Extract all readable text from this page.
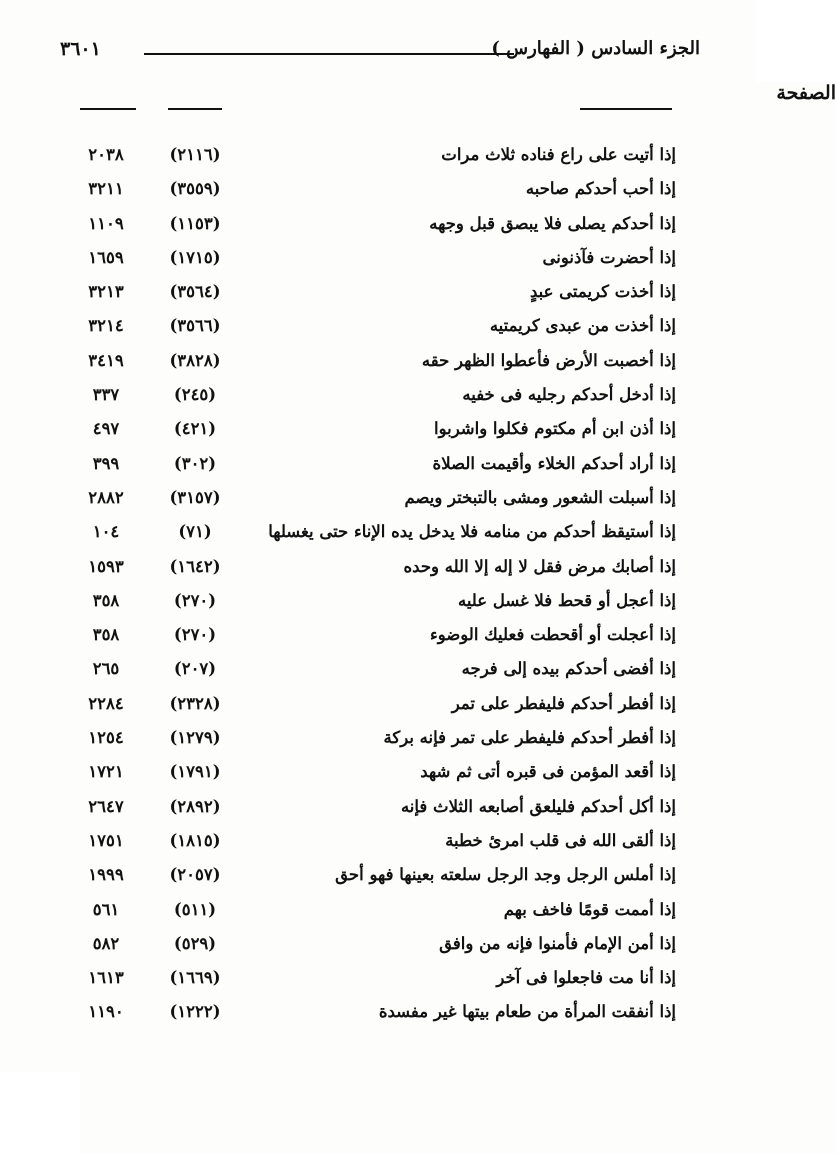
٣٦٠١	الجزء السادس ( الفهارس )
الصفحة
إذا أتيت على راع فناده ثلاث مرات
(٢١١٦)
٢٠٣٨
إذا أحب أحدكم صاحبه
(٣٥٥٩)
٣٢١١
إذا أحدكم يصلى فلا يبصق قبل وجهه
(١١٥٣)
١١٠٩
إذا أحضرت فآذنونى
(١٧١٥)
١٦٥٩
إذا أخذت كريمتى عبدٍ
(٣٥٦٤)
٣٢١٣
إذا أخذت من عبدى كريمتيه
(٣٥٦٦)
٣٢١٤
إذا أخصبت الأرض فأعطوا الظهر حقه
(٣٨٢٨)
٣٤١٩
إذا أدخل أحدكم رجليه فى خفيه
(٢٤٥)
٣٣٧
إذا أذن ابن أم مكتوم فكلوا واشربوا
(٤٢١)
٤٩٧
إذا أراد أحدكم الخلاء وأقيمت الصلاة
(٣٠٢)
٣٩٩
إذا أسبلت الشعور ومشى بالتبختر ويصم
(٣١٥٧)
٢٨٨٢
إذا أستيقظ أحدكم من منامه فلا يدخل يده الإناء حتى يغسلها
(٧١)
١٠٤
إذا أصابك مرض فقل لا إله إلا الله وحده
(١٦٤٢)
١٥٩٣
إذا أعجل أو قحط فلا غسل عليه
(٢٧٠)
٣٥٨
إذا أعجلت أو أقحطت فعليك الوضوء
(٢٧٠)
٣٥٨
إذا أفضى أحدكم بيده إلى فرجه
(٢٠٧)
٢٦٥
إذا أفطر أحدكم فليفطر على تمر
(٢٣٢٨)
٢٢٨٤
إذا أفطر أحدكم فليفطر على تمر فإنه بركة
(١٢٧٩)
١٢٥٤
إذا أقعد المؤمن فى قبره أتى ثم شهد
(١٧٩١)
١٧٢١
إذا أكل أحدكم فليلعق أصابعه الثلاث فإنه
(٢٨٩٢)
٢٦٤٧
إذا ألقى الله فى قلب امرئ خطبة
(١٨١٥)
١٧٥١
إذا أملس الرجل وجد الرجل سلعته بعينها فهو أحق
(٢٠٥٧)
١٩٩٩
إذا أممت قومًا فاخف بهم
(٥١١)
٥٦١
إذا أمن الإمام فأمنوا فإنه من وافق
(٥٢٩)
٥٨٢
إذا أنا مت فاجعلوا فى آخر
(١٦٦٩)
١٦١٣
إذا أنفقت المرأة من طعام بيتها غير مفسدة
(١٢٢٢)
١١٩٠
